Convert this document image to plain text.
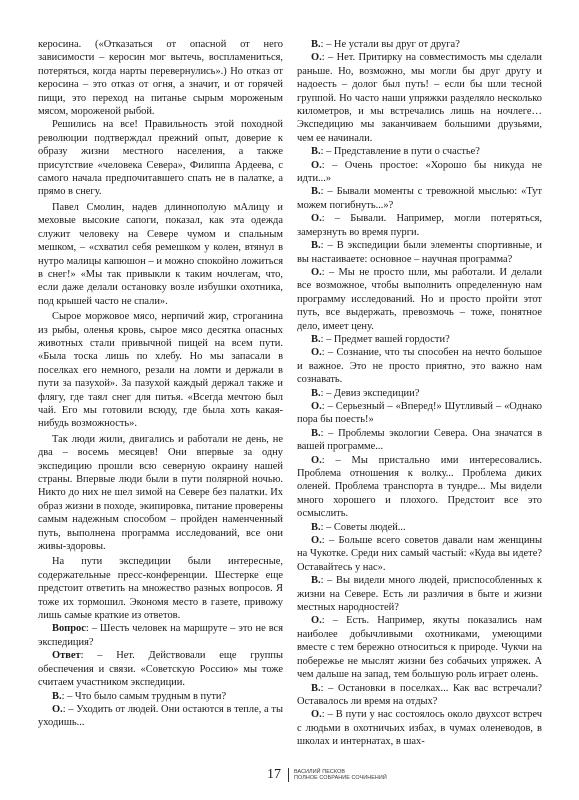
керосина. («Отказаться от опасной от него зависимости – керосин мог вытечь, воспламениться, потеряться, когда нарты перевернулись».) Но отказ от керосина – это отказ от огня, а значит, и от горячей пищи, это переход на питанье сырым мороженым мясом, мороженой рыбой.

Решились на все! Правильность этой походной революции подтверждал прежний опыт, доверие к образу жизни местного населения, а также присутствие «человека Севера», Филиппа Ардеева, с самого начала предпочитавшего спать не в палатке, а прямо в снегу.

Павел Смолин, надев длиннополую мАлицу и меховые высокие сапоги, показал, как эта одежда служит человеку на Севере чумом и спальным мешком, – «схватил себя ремешком у колен, втянул в нутро малицы капюшон – и можно спокойно ложиться в снег!» «Мы так привыкли к таким ночлегам, что, если даже делали остановку возле избушки охотника, под крышей часто не спали».

Сырое моржовое мясо, нерпичий жир, строганина из рыбы, оленья кровь, сырое мясо десятка опасных животных стали привычной пищей на всем пути. «Была тоска лишь по хлебу. Но мы запасали в поселках его немного, резали на ломти и держали в пути за пазухой». За пазухой каждый держал также и флягу, где таял снег для питья. «Всегда мечтою был чай. Его мы готовили всюду, где была хоть какая-нибудь возможность».

Так люди жили, двигались и работали не день, не два – восемь месяцев! Они впервые за одну экспедицию прошли всю северную окраину нашей страны. Впервые люди были в пути полярной ночью. Никто до них не шел зимой на Севере без палатки. Их образ жизни в походе, экипировка, питание проверены самым надежным способом – пройден наменченный путь, выполнена программа исследований, все они живы-здоровы.

На пути экспедиции были интересные, содержательные пресс-конференции. Шестерке еще предстоит ответить на множество разных вопросов. Я тоже их тормошил. Экономя место в газете, привожу лишь самые краткие из ответов.

Вопрос: – Шесть человек на маршруте – это не вся экспедиция?

Ответ: – Нет. Действовали еще группы обеспечения и связи. «Советскую Россию» мы тоже считаем участником экспедиции.

В.: – Что было самым трудным в пути?

О.: – Уходить от людей. Они остаются в тепле, а ты уходишь...

В.: – Не устали вы друг от друга?

О.: – Нет. Притирку на совместимость мы сделали раньше. Но, возможно, мы могли бы друг другу и надоесть – долог был путь! – если бы шли тесной группой. Но часто наши упряжки разделяло несколько километров, и мы встречались лишь на ночлеге…Экспедицию мы заканчиваем большими друзьями, чем ее начинали.

В.: – Представление в пути о счастье?

О.: – Очень простое: «Хорошо бы никуда не идти...»

В.: – Бывали моменты с тревожной мыслью: «Тут можем погибнуть...»?

О.: – Бывали. Например, могли потеряться, замерзнуть во время пурги.

В.: – В экспедиции были элементы спортивные, и вы настаиваете: основное – научная программа?

О.: – Мы не просто шли, мы работали. И делали все возможное, чтобы выполнить определенную нам программу исследований. Но и просто пройти этот путь, все выдержать, превозмочь – тоже, понятное дело, имеет цену.

В.: – Предмет вашей гордости?

О.: – Сознание, что ты способен на нечто большое и важное. Это не просто приятно, это важно нам сознавать.

В.: – Девиз экспедиции?

О.: – Серьезный – «Вперед!» Шутливый – «Однако пора бы поесть!»

В.: – Проблемы экологии Севера. Она значатся в вашей программе...

О.: – Мы пристально ими интересовались. Проблема отношения к волку... Проблема диких оленей. Проблема транспорта в тундре... Мы видели много хорошего и плохого. Предстоит все это осмыслить.

В.: – Советы людей...

О.: – Больше всего советов давали нам женщины на Чукотке. Среди них самый частый: «Куда вы идете? Оставайтесь у нас».

В.: – Вы видели много людей, приспособленных к жизни на Севере. Есть ли различия в быте и жизни местных народностей?

О.: – Есть. Например, якуты показались нам наиболее добычливыми охотниками, умеющими вместе с тем бережно относиться к природе. Чукчи на побережье не мыслят жизни без собачьих упряжек. А чем дальше на запад, тем большую роль играет олень.

В.: – Остановки в поселках... Как вас встречали? Оставалось ли время на отдых?

О.: – В пути у нас состоялось около двухсот встреч с людьми в охотничьих избах, в чумах оленеводов, в школах и интернатах, в шах-

17	ВАСИЛИЙ ПЕСКОВ
ПОЛНОЕ СОБРАНИЕ СОЧИНЕНИЙ
